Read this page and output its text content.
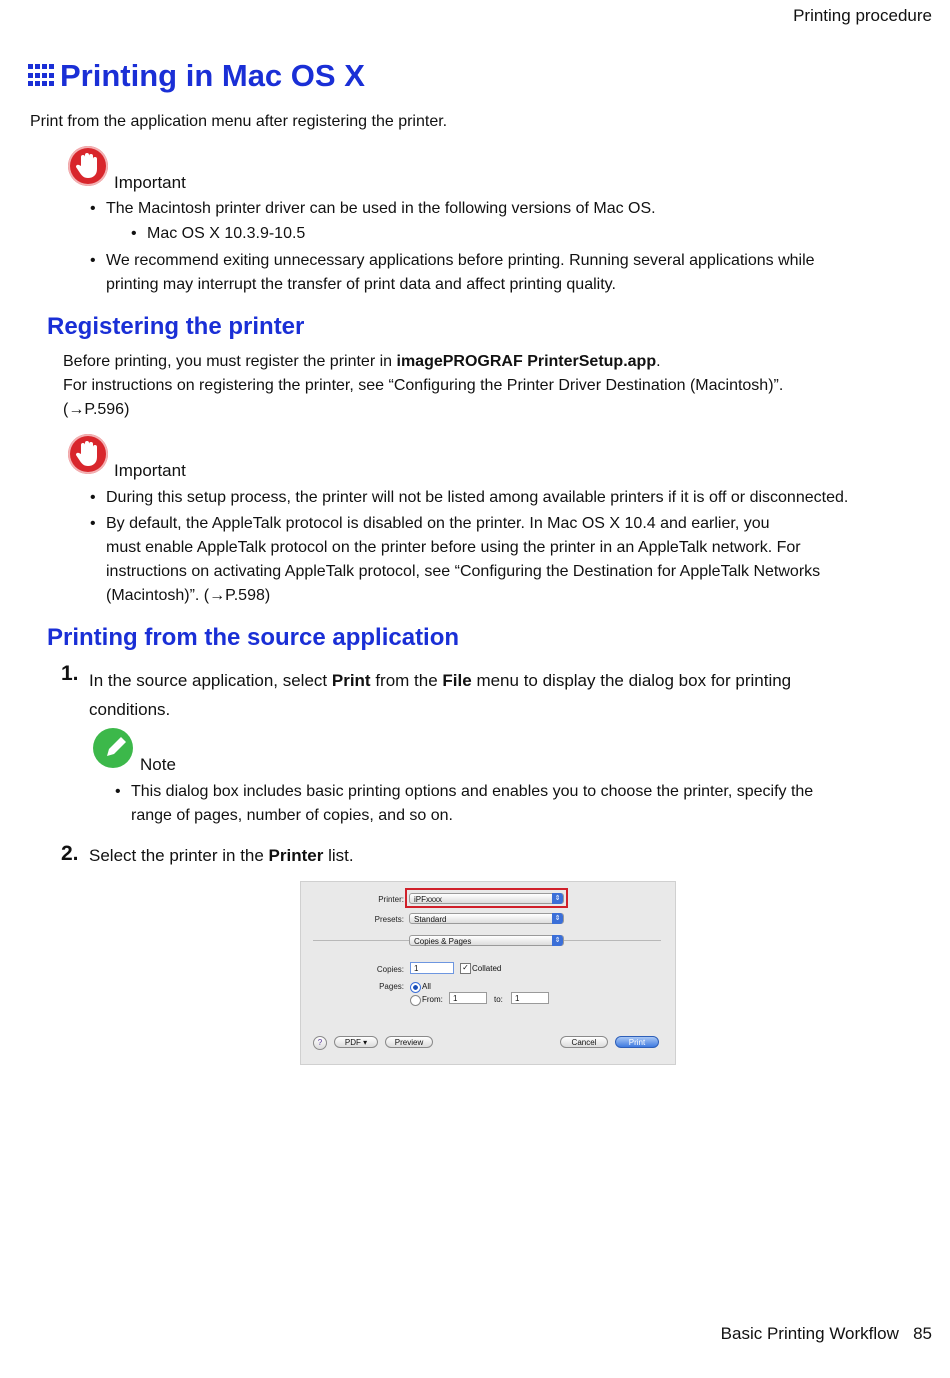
Printing procedure
Printing in Mac OS X
Print from the application menu after registering the printer.
Important
• The Macintosh printer driver can be used in the following versions of Mac OS.
• Mac OS X 10.3.9-10.5
• We recommend exiting unnecessary applications before printing. Running several applications while
printing may interrupt the transfer of print data and affect printing quality.
Registering the printer
Before printing, you must register the printer in imagePROGRAF PrinterSetup.app.
For instructions on registering the printer, see “Configuring the Printer Driver Destination (Macintosh)”.
(→P.596)
Important
• During this setup process, the printer will not be listed among available printers if it is off or disconnected.
• By default, the AppleTalk protocol is disabled on the printer. In Mac OS X 10.4 and earlier, you
must enable AppleTalk protocol on the printer before using the printer in an AppleTalk network. For
instructions on activating AppleTalk protocol, see “Configuring the Destination for AppleTalk Networks
(Macintosh)”. (→P.598)
Printing from the source application
1. In the source application, select Print from the File menu to display the dialog box for printing
conditions.
Note
• This dialog box includes basic printing options and enables you to choose the printer, specify the
range of pages, number of copies, and so on.
2. Select the printer in the Printer list.
Printer:	iPFxxxx	⇕
Presets:	Standard	⇕
Copies & Pages	⇕
Copies:	1	✓ Collated
Pages: All
From:	1	to:	1
?	PDF ▾	Preview	Cancel	Print
Basic Printing Workflow 85
